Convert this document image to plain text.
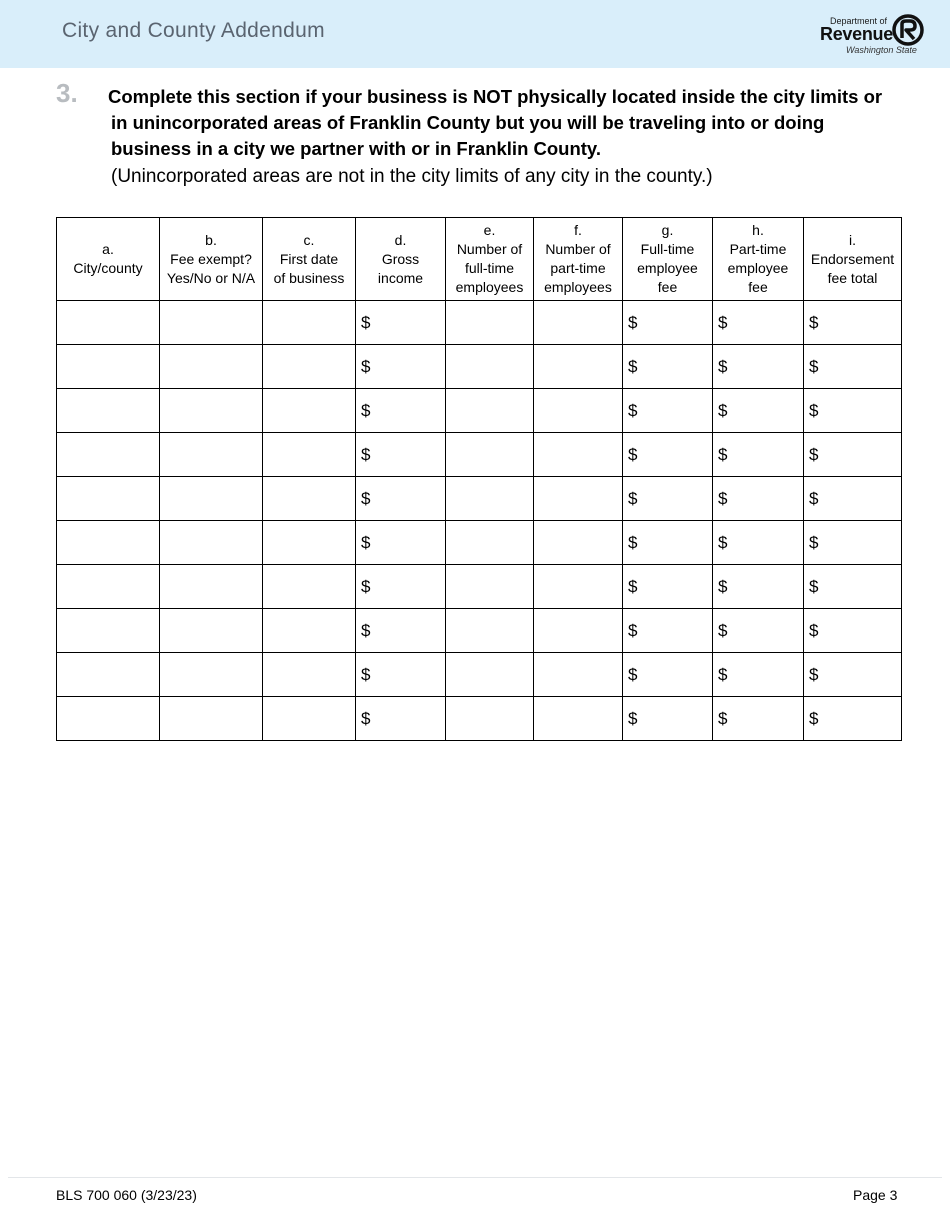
City and County Addendum	Department of
Revenue
Washington State
3. Complete this section if your business is NOT physically located inside the city limits or
in unincorporated areas of Franklin County but you will be traveling into or doing
business in a city we partner with or in Franklin County.
(Unincorporated areas are not in the city limits of any city in the county.)
a.
City/county	b.
Fee exempt?
Yes/No or N/A	c.
First date
of business	d.
Gross
income	e.
Number of
full-time
employees	f.
Number of
part-time
employees	g.
Full-time
employee
fee	h.
Part-time
employee
fee	i.
Endorsement
fee total

			$			$	$	$

			$			$	$	$

			$			$	$	$

			$			$	$	$

			$			$	$	$

			$			$	$	$

			$			$	$	$

			$			$	$	$

			$			$	$	$

			$			$	$	$
BLS 700 060 (3/23/23)	Page 3
